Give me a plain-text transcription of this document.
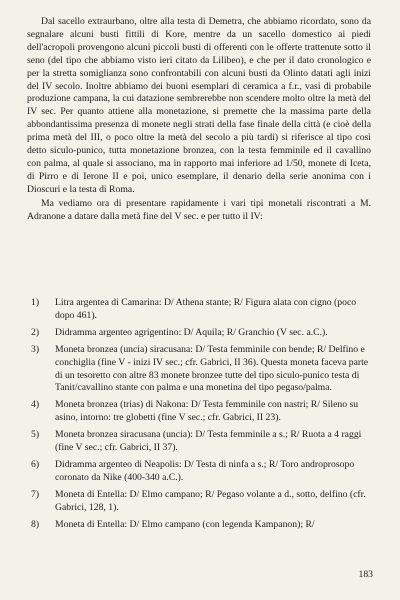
Dal sacello extraurbano, oltre alla testa di Demetra, che abbiamo ricordato, sono da segnalare alcuni busti fittili di Kore, mentre da un sacello domestico ai piedi dell'acropoli provengono alcuni piccoli busti di offerenti con le offerte trattenute sotto il seno (del tipo che abbiamo visto ieri citato da Lilibeo), e che per il dato cronologico e per la stretta somiglianza sono confrontabili con alcuni busti da Olinto datati agli inizi del IV secolo. Inoltre abbiamo dei buoni esemplari di ceramica a f.r., vasi di probabile produzione campana, la cui datazione sembrerebbe non scendere molto oltre la metà del IV sec. Per quanto attiene alla monetazione, si premette che la massima parte della abbondantissima presenza di monete negli strati della fase finale della città (e cioè della prima metà del III, o poco oltre la metà del secolo a più tardi) si riferisce al tipo così detto siculo-punico, tutta monetazione bronzea, con la testa femminile ed il cavallino con palma, al quale si associano, ma in rapporto mai inferiore ad 1/50, monete di Iceta, di Pirro e di Ierone II e poi, unico esemplare, il denario della serie anonima con i Dioscuri e la testa di Roma.

Ma vediamo ora di presentare rapidamente i vari tipi monetali riscontrati a M. Adranone a datare dalla metà fine del V sec. e per tutto il IV:

1)	Litra argentea di Camarina: D/ Athena stante; R/ Figura alata con cigno (poco dopo 461).
2)	Didramma argenteo agrigentino: D/ Aquila; R/ Granchio (V sec. a.C.).
3)	Moneta bronzea (uncia) siracusana: D/ Testa femminile con bende; R/ Delfino e conchiglia (fine V - inizi IV sec.; cfr. Gabrici, II 36). Questa moneta faceva parte di un tesoretto con altre 83 monete bronzee tutte del tipo siculo-punico testa di Tanit/cavallino stante con palma e una monetina del tipo pegaso/palma.
4)	Moneta bronzea (trias) di Nakona: D/ Testa femminile con nastri; R/ Sileno su asino, intorno: tre globetti (fine V sec.; cfr. Gabrici, II 23).
5)	Moneta bronzea siracusana (uncia): D/ Testa femminile a s.; R/ Ruota a 4 raggi (fine V sec.; cfr. Gabrici, II 37).
6)	Didramma argenteo di Neapolis: D/ Testa di ninfa a s.; R/ Toro androprosopo coronato da Nike (400-340 a.C.).
7)	Moneta di Entella: D/ Elmo campano; R/ Pegaso volante a d., sotto, delfino (cfr. Gabrici, 128, 1).
8)	Moneta di Entella: D/ Elmo campano (con legenda Kampanon); R/
183
